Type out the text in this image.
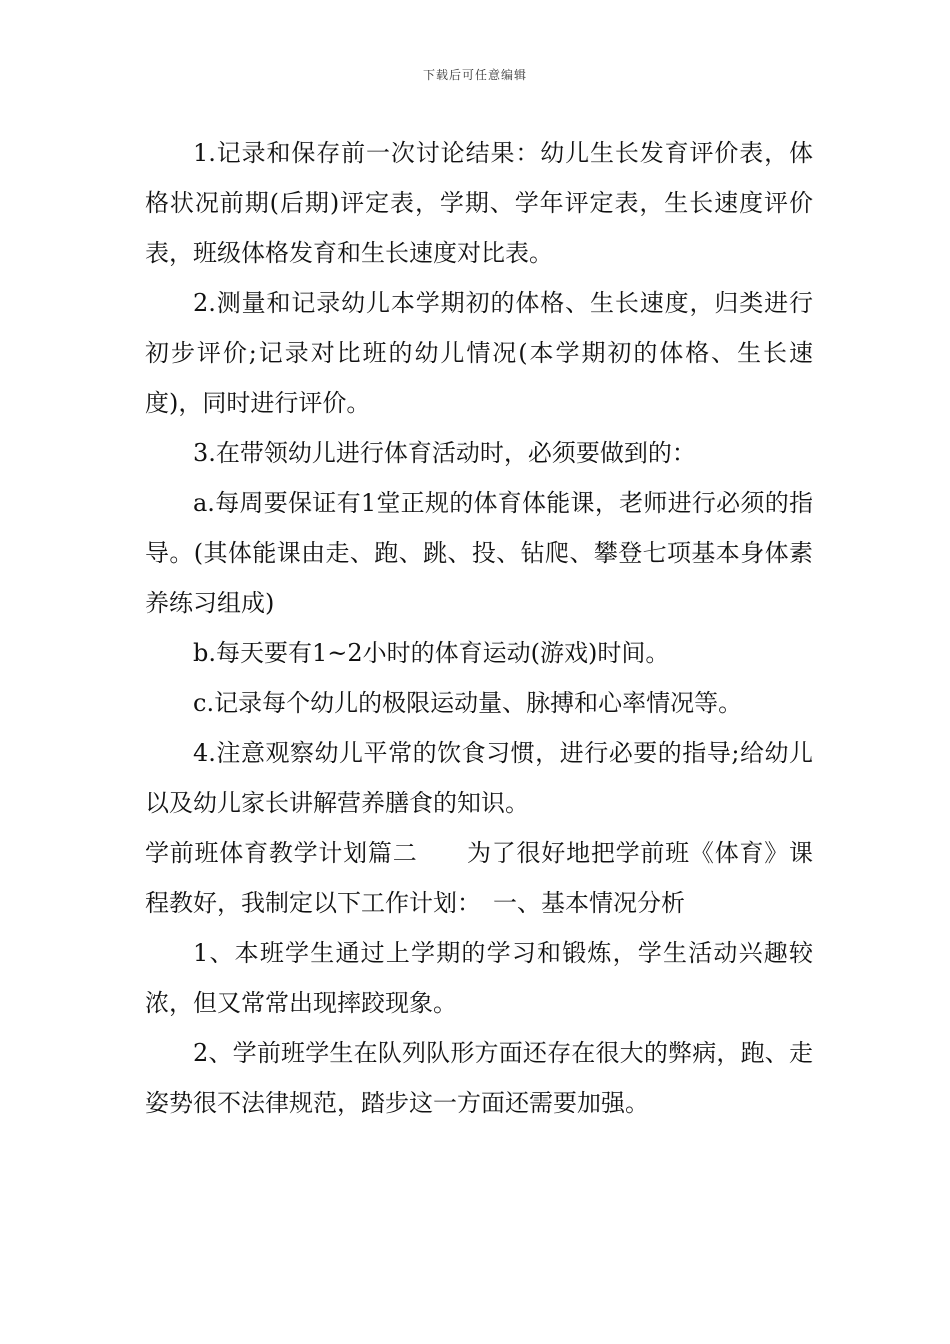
下载后可任意编辑

1.记录和保存前一次讨论结果：幼儿生长发育评价表，体格状况前期(后期)评定表，学期、学年评定表，生长速度评价表，班级体格发育和生长速度对比表。

2.测量和记录幼儿本学期初的体格、生长速度，归类进行初步评价;记录对比班的幼儿情况(本学期初的体格、生长速度)，同时进行评价。

3.在带领幼儿进行体育活动时，必须要做到的：

a.每周要保证有1堂正规的体育体能课，老师进行必须的指导。(其体能课由走、跑、跳、投、钻爬、攀登七项基本身体素养练习组成)

b.每天要有1~2小时的体育运动(游戏)时间。

c.记录每个幼儿的极限运动量、脉搏和心率情况等。

4.注意观察幼儿平常的饮食习惯，进行必要的指导;给幼儿以及幼儿家长讲解营养膳食的知识。

学前班体育教学计划篇二　　为了很好地把学前班《体育》课程教好，我制定以下工作计划：　一、基本情况分析

1、本班学生通过上学期的学习和锻炼，学生活动兴趣较浓，但又常常出现摔跤现象。

2、学前班学生在队列队形方面还存在很大的弊病，跑、走姿势很不法律规范，踏步这一方面还需要加强。
